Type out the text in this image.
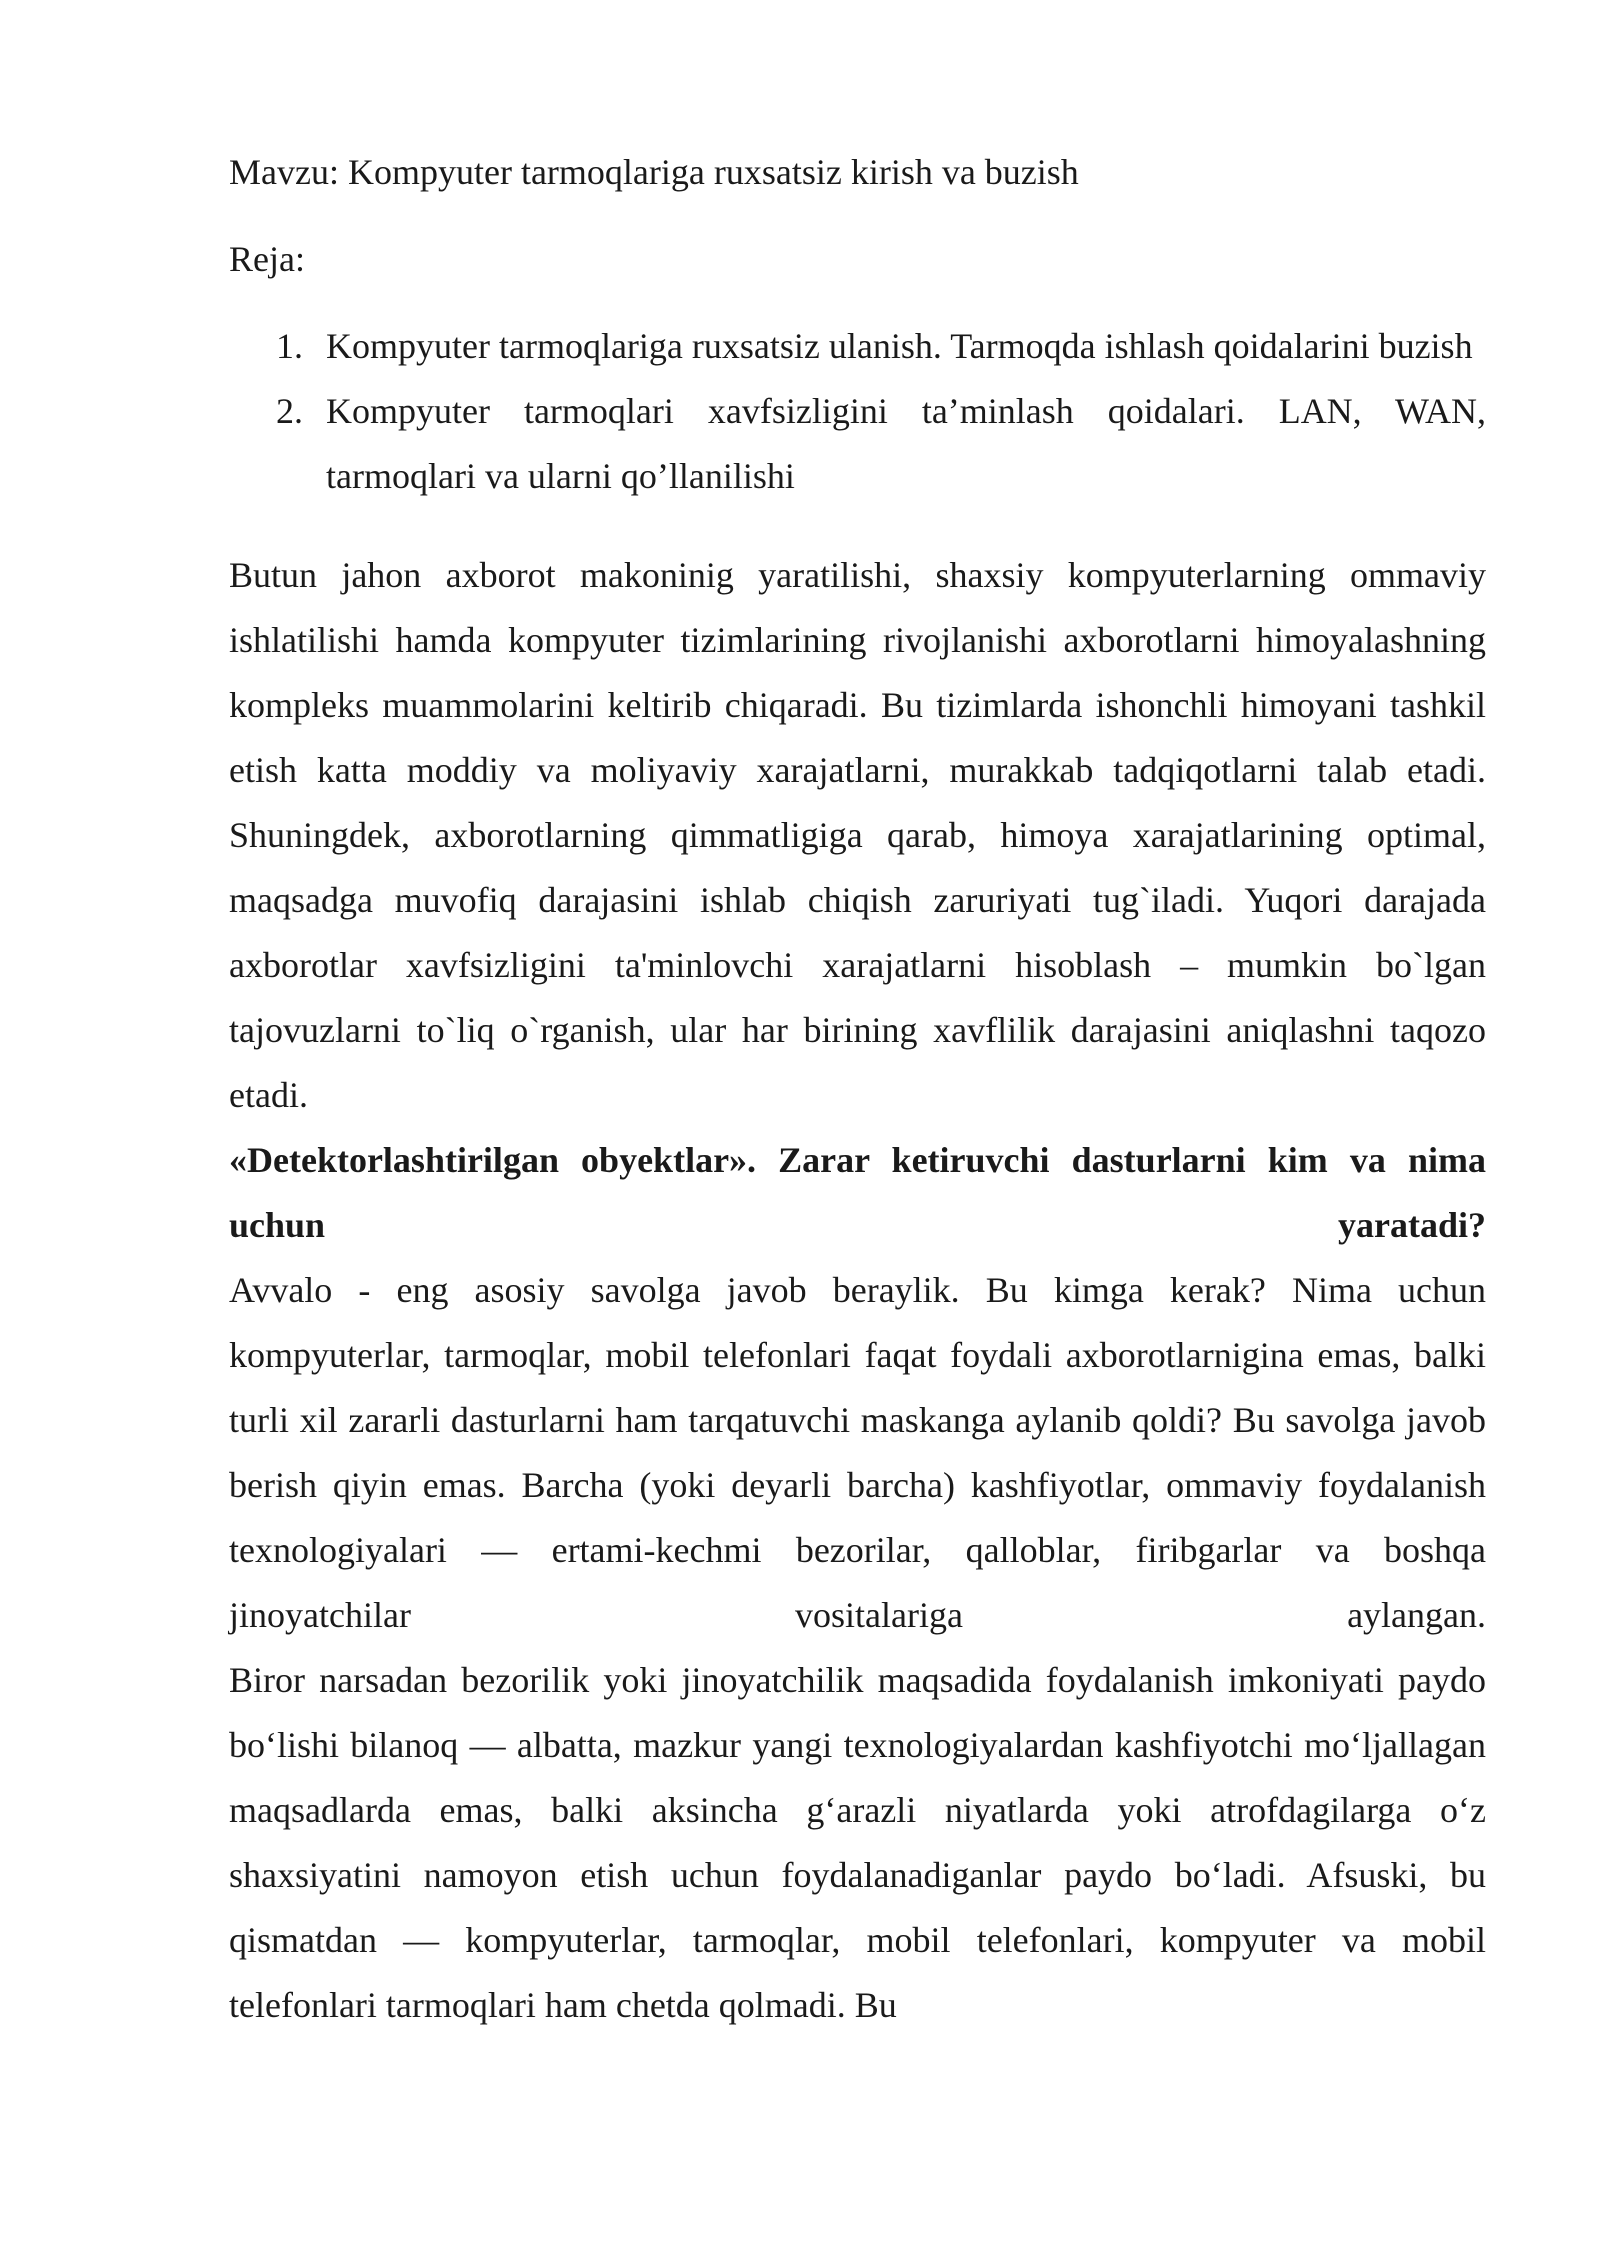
Mavzu: Kompyuter tarmoqlariga ruxsatsiz kirish va buzish

Reja:

1. Kompyuter tarmoqlariga ruxsatsiz ulanish. Tarmoqda ishlash qoidalarini buzish
2. Kompyuter tarmoqlari xavfsizligini ta’minlash qoidalari. LAN, WAN, tarmoqlari va ularni qo’llanilishi

Butun jahon axborot makoninig yaratilishi, shaxsiy kompyuterlarning ommaviy ishlatilishi hamda kompyuter tizimlarining rivojlanishi axborotlarni himoyalashning kompleks muammolarini keltirib chiqaradi. Bu tizimlarda ishonchli himoyani tashkil etish katta moddiy va moliyaviy xarajatlarni, murakkab tadqiqotlarni talab etadi. Shuningdek, axborotlarning qimmatligiga qarab, himoya xarajatlarining optimal, maqsadga muvofiq darajasini ishlab chiqish zaruriyati tug`iladi. Yuqori darajada axborotlar xavfsizligini ta'minlovchi xarajatlarni hisoblash – mumkin bo`lgan tajovuzlarni to`liq o`rganish, ular har birining xavflilik darajasini aniqlashni taqozo etadi.

«Detektorlashtirilgan obyektlar». Zarar ketiruvchi dasturlarni kim va nima uchun yaratadi?

Avvalo - eng asosiy savolga javob beraylik. Bu kimga kerak? Nima uchun kompyuterlar, tarmoqlar, mobil telefonlari faqat foydali axborotlarnigina emas, balki turli xil zararli dasturlarni ham tarqatuvchi maskanga aylanib qoldi? Bu savolga javob berish qiyin emas. Barcha (yoki deyarli barcha) kashfiyotlar, ommaviy foydalanish texnologiyalari — ertami-kechmi bezorilar, qalloblar, firibgarlar va boshqa jinoyatchilar vositalariga aylangan.

Biror narsadan bezorilik yoki jinoyatchilik maqsadida foydalanish imkoniyati paydo bo‘lishi bilanoq — albatta, mazkur yangi texnologiyalardan kashfiyotchi mo‘ljallagan maqsadlarda emas, balki aksincha g‘arazli niyatlarda yoki atrofdagilarga o‘z shaxsiyatini namoyon etish uchun foydalanadiganlar paydo bo‘ladi. Afsuski, bu qismatdan — kompyuterlar, tarmoqlar, mobil telefonlari, kompyuter va mobil telefonlari tarmoqlari ham chetda qolmadi. Bu
